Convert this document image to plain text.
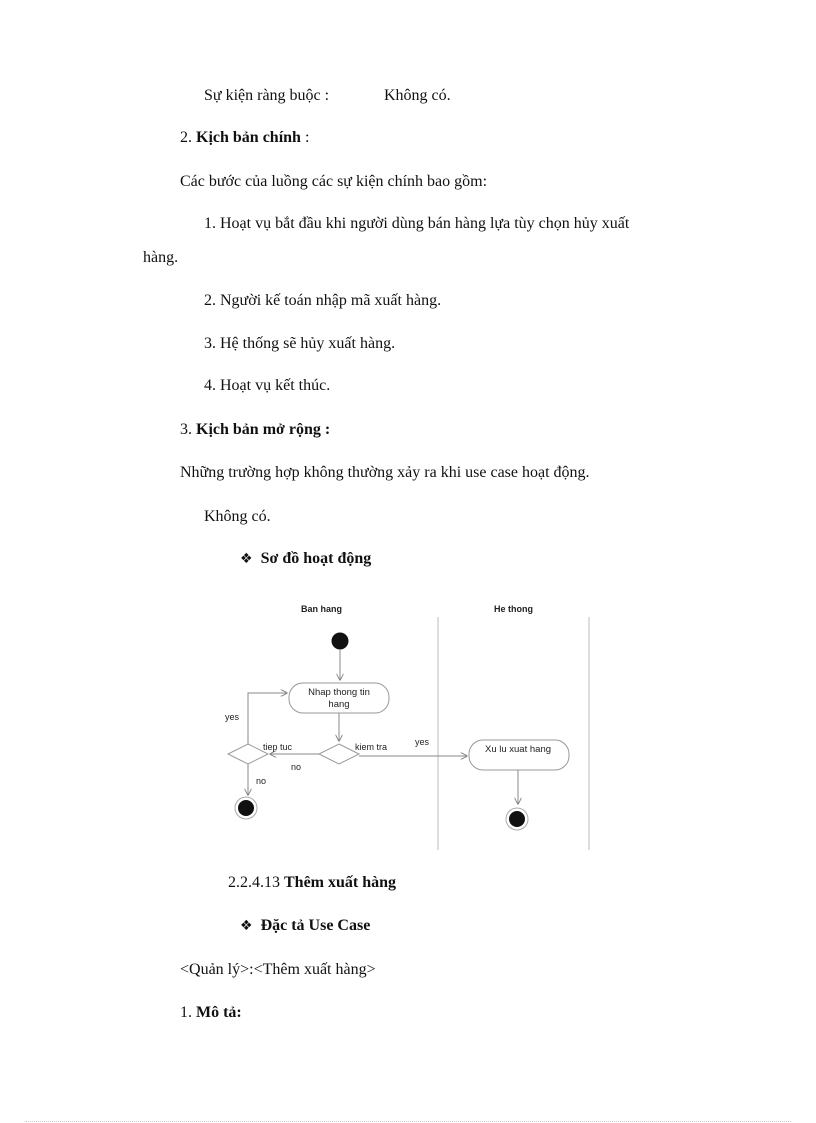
Sự kiện ràng buộc :	Không có.
2. Kịch bản chính :
Các bước của luồng các sự kiện chính bao gồm:
1. Hoạt vụ bắt đầu khi người dùng bán hàng lựa tùy chọn hủy xuất
hàng.
2. Người kế toán nhập mã xuất hàng.
3. Hệ thống sẽ hủy xuất hàng.
4. Hoạt vụ kết thúc.
3. Kịch bản mở rộng :
Những trường hợp không thường xảy ra khi use case hoạt động.
Không có.
❖ Sơ đồ hoạt động
Ban hang	He thong
Nhap thong tin
hang
kiem tra	yes
no
tiep tuc
yes
no
Xu lu xuat hang
2.2.4.13 Thêm xuất hàng
❖ Đặc tả Use Case
<Quản lý>:<Thêm xuất hàng>
1. Mô tả:
